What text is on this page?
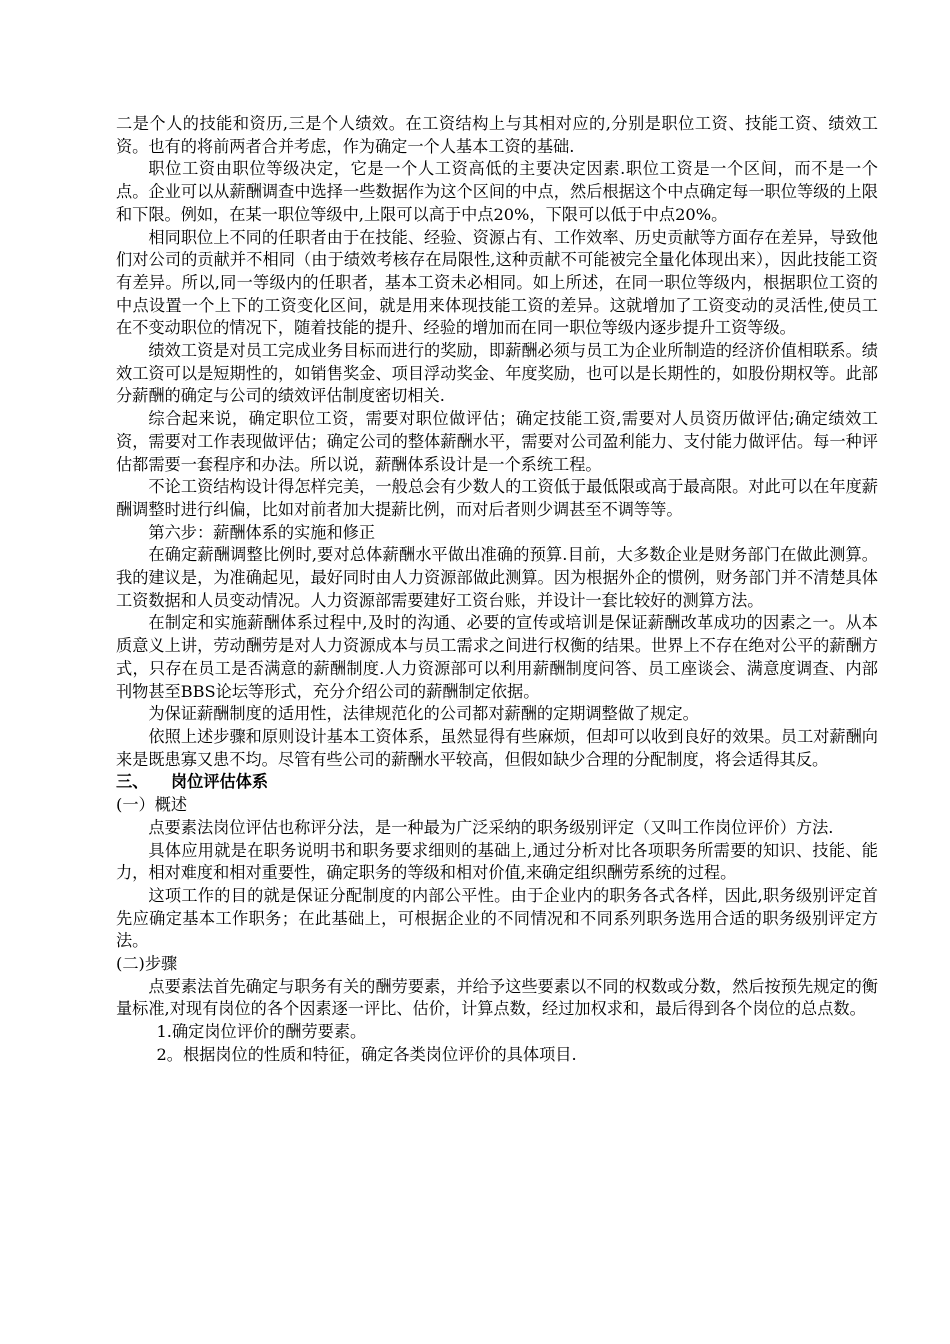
二是个人的技能和资历,三是个人绩效。在工资结构上与其相对应的,分别是职位工资、技能工资、绩效工资。也有的将前两者合并考虑，作为确定一个人基本工资的基础.

职位工资由职位等级决定，它是一个人工资高低的主要决定因素.职位工资是一个区间，而不是一个点。企业可以从薪酬调查中选择一些数据作为这个区间的中点，然后根据这个中点确定每一职位等级的上限和下限。例如，在某一职位等级中,上限可以高于中点20%，下限可以低于中点20%。

相同职位上不同的任职者由于在技能、经验、资源占有、工作效率、历史贡献等方面存在差异，导致他们对公司的贡献并不相同（由于绩效考核存在局限性,这种贡献不可能被完全量化体现出来），因此技能工资有差异。所以,同一等级内的任职者，基本工资未必相同。如上所述，在同一职位等级内，根据职位工资的中点设置一个上下的工资变化区间，就是用来体现技能工资的差异。这就增加了工资变动的灵活性,使员工在不变动职位的情况下，随着技能的提升、经验的增加而在同一职位等级内逐步提升工资等级。

绩效工资是对员工完成业务目标而进行的奖励，即薪酬必须与员工为企业所制造的经济价值相联系。绩效工资可以是短期性的，如销售奖金、项目浮动奖金、年度奖励，也可以是长期性的，如股份期权等。此部分薪酬的确定与公司的绩效评估制度密切相关.

综合起来说，确定职位工资，需要对职位做评估；确定技能工资,需要对人员资历做评估;确定绩效工资，需要对工作表现做评估；确定公司的整体薪酬水平，需要对公司盈利能力、支付能力做评估。每一种评估都需要一套程序和办法。所以说，薪酬体系设计是一个系统工程。

不论工资结构设计得怎样完美，一般总会有少数人的工资低于最低限或高于最高限。对此可以在年度薪酬调整时进行纠偏，比如对前者加大提薪比例，而对后者则少调甚至不调等等。

第六步：薪酬体系的实施和修正

在确定薪酬调整比例时,要对总体薪酬水平做出准确的预算.目前，大多数企业是财务部门在做此测算。我的建议是，为准确起见，最好同时由人力资源部做此测算。因为根据外企的惯例，财务部门并不清楚具体工资数据和人员变动情况。人力资源部需要建好工资台账，并设计一套比较好的测算方法。

在制定和实施薪酬体系过程中,及时的沟通、必要的宣传或培训是保证薪酬改革成功的因素之一。从本质意义上讲，劳动酬劳是对人力资源成本与员工需求之间进行权衡的结果。世界上不存在绝对公平的薪酬方式，只存在员工是否满意的薪酬制度.人力资源部可以利用薪酬制度问答、员工座谈会、满意度调查、内部刊物甚至BBS论坛等形式，充分介绍公司的薪酬制定依据。

为保证薪酬制度的适用性，法律规范化的公司都对薪酬的定期调整做了规定。

依照上述步骤和原则设计基本工资体系，虽然显得有些麻烦，但却可以收到良好的效果。员工对薪酬向来是既患寡又患不均。尽管有些公司的薪酬水平较高，但假如缺少合理的分配制度，将会适得其反。

三、    岗位评估体系

(一）概述

点要素法岗位评估也称评分法，是一种最为广泛采纳的职务级别评定（又叫工作岗位评价）方法.

具体应用就是在职务说明书和职务要求细则的基础上,通过分析对比各项职务所需要的知识、技能、能力，相对难度和相对重要性，确定职务的等级和相对价值,来确定组织酬劳系统的过程。

这项工作的目的就是保证分配制度的内部公平性。由于企业内的职务各式各样，因此,职务级别评定首先应确定基本工作职务；在此基础上，可根据企业的不同情况和不同系列职务选用合适的职务级别评定方法。

(二)步骤

点要素法首先确定与职务有关的酬劳要素，并给予这些要素以不同的权数或分数，然后按预先规定的衡量标准,对现有岗位的各个因素逐一评比、估价，计算点数，经过加权求和，最后得到各个岗位的总点数。

1.确定岗位评价的酬劳要素。

2。根据岗位的性质和特征，确定各类岗位评价的具体项目.
